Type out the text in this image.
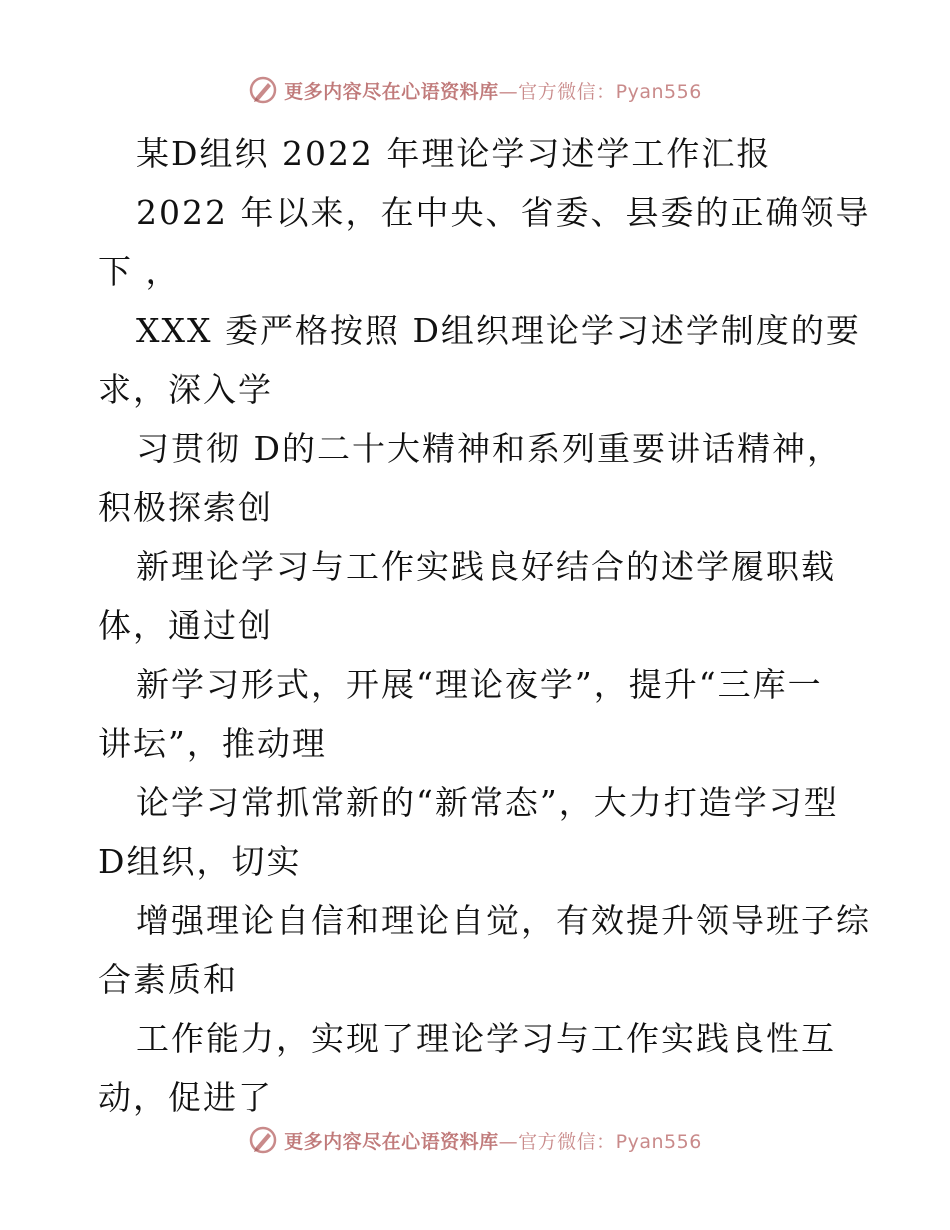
更多内容尽在心语资料库—官方微信：Pyan556
某D组织 2022 年理论学习述学工作汇报
2022 年以来，在中央、省委、县委的正确领导
下 ，
XXX 委严格按照 D组织理论学习述学制度的要
求，深入学
习贯彻 D的二十大精神和系列重要讲话精神，
积极探索创
新理论学习与工作实践良好结合的述学履职载
体，通过创
新学习形式，开展“理论夜学”，提升“三库一
讲坛”，推动理
论学习常抓常新的“新常态”，大力打造学习型
D组织，切实
增强理论自信和理论自觉，有效提升领导班子综
合素质和
工作能力，实现了理论学习与工作实践良性互
动，促进了
更多内容尽在心语资料库—官方微信：Pyan556
